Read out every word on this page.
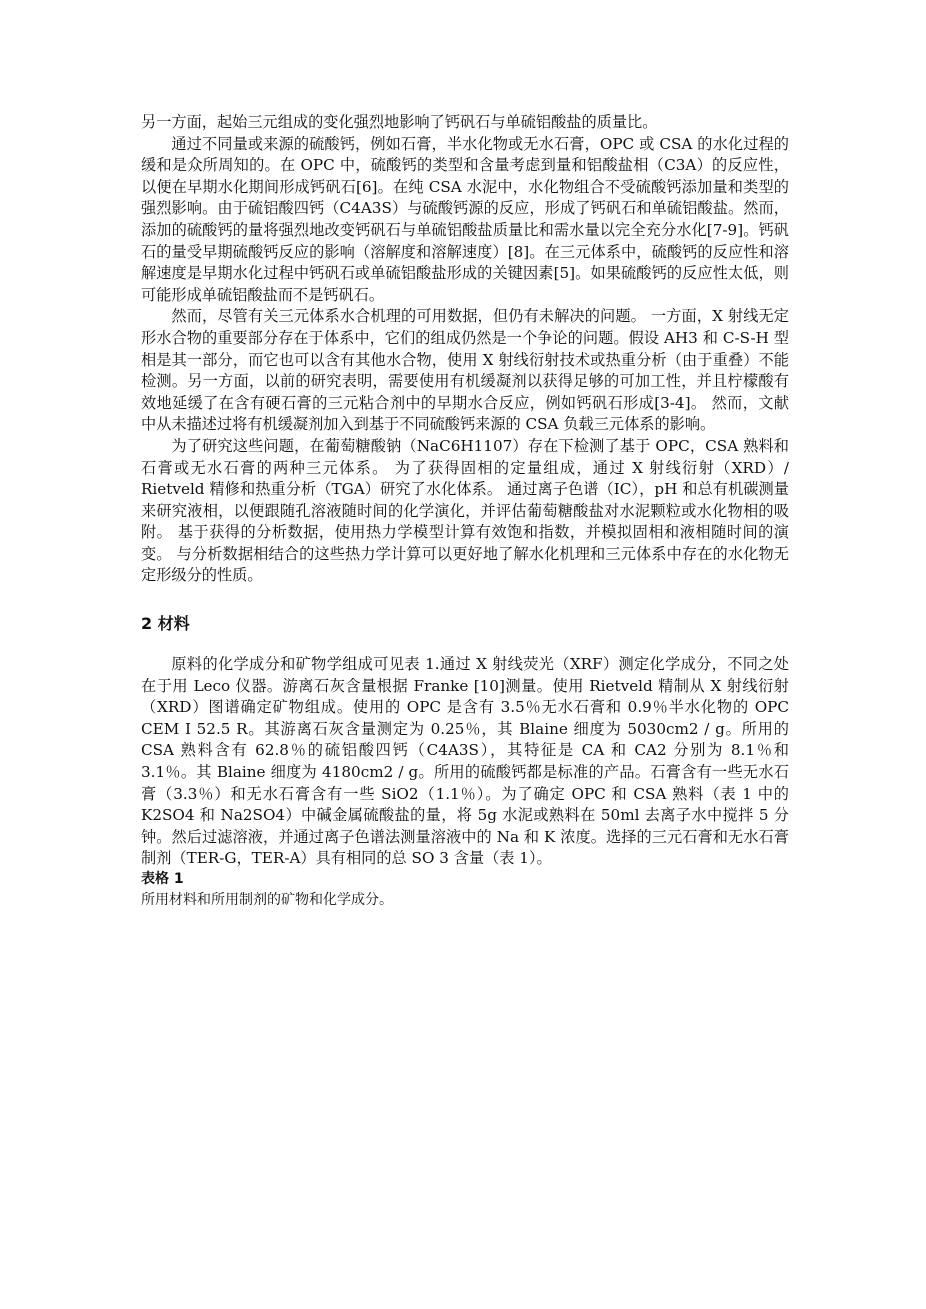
另一方面，起始三元组成的变化强烈地影响了钙矾石与单硫铝酸盐的质量比。

通过不同量或来源的硫酸钙，例如石膏，半水化物或无水石膏，OPC 或 CSA 的水化过程的缓和是众所周知的。在 OPC 中，硫酸钙的类型和含量考虑到量和铝酸盐相（C3A）的反应性，以便在早期水化期间形成钙矾石[6]。在纯 CSA 水泥中，水化物组合不受硫酸钙添加量和类型的强烈影响。由于硫铝酸四钙（C4A3S）与硫酸钙源的反应，形成了钙矾石和单硫铝酸盐。然而，添加的硫酸钙的量将强烈地改变钙矾石与单硫铝酸盐质量比和需水量以完全充分水化[7-9]。钙矾石的量受早期硫酸钙反应的影响（溶解度和溶解速度）[8]。在三元体系中，硫酸钙的反应性和溶解速度是早期水化过程中钙矾石或单硫铝酸盐形成的关键因素[5]。如果硫酸钙的反应性太低，则可能形成单硫铝酸盐而不是钙矾石。

然而，尽管有关三元体系水合机理的可用数据，但仍有未解决的问题。 一方面，X 射线无定形水合物的重要部分存在于体系中，它们的组成仍然是一个争论的问题。假设 AH3 和 C-S-H 型相是其一部分，而它也可以含有其他水合物，使用 X 射线衍射技术或热重分析（由于重叠）不能检测。另一方面，以前的研究表明，需要使用有机缓凝剂以获得足够的可加工性，并且柠檬酸有效地延缓了在含有硬石膏的三元粘合剂中的早期水合反应，例如钙矾石形成[3-4]。 然而，文献中从未描述过将有机缓凝剂加入到基于不同硫酸钙来源的 CSA 负载三元体系的影响。

为了研究这些问题，在葡萄糖酸钠（NaC6H1107）存在下检测了基于 OPC，CSA 熟料和石膏或无水石膏的两种三元体系。 为了获得固相的定量组成，通过 X 射线衍射（XRD）/ Rietveld 精修和热重分析（TGA）研究了水化体系。 通过离子色谱（IC），pH 和总有机碳测量来研究液相，以便跟随孔溶液随时间的化学演化，并评估葡萄糖酸盐对水泥颗粒或水化物相的吸附。 基于获得的分析数据，使用热力学模型计算有效饱和指数，并模拟固相和液相随时间的演变。 与分析数据相结合的这些热力学计算可以更好地了解水化机理和三元体系中存在的水化物无定形级分的性质。

2 材料

原料的化学成分和矿物学组成可见表 1.通过 X 射线荧光（XRF）测定化学成分，不同之处在于用 Leco 仪器。游离石灰含量根据 Franke [10]测量。使用 Rietveld 精制从 X 射线衍射（XRD）图谱确定矿物组成。使用的 OPC 是含有 3.5％无水石膏和 0.9％半水化物的 OPC CEM I 52.5 R。其游离石灰含量测定为 0.25％，其 Blaine 细度为 5030cm2 / g。所用的 CSA 熟料含有 62.8％的硫铝酸四钙（C4A3S），其特征是 CA 和 CA2 分别为 8.1％和 3.1％。其 Blaine 细度为 4180cm2 / g。所用的硫酸钙都是标准的产品。石膏含有一些无水石膏（3.3％）和无水石膏含有一些 SiO2（1.1％）。为了确定 OPC 和 CSA 熟料（表 1 中的 K2SO4 和 Na2SO4）中碱金属硫酸盐的量，将 5g 水泥或熟料在 50ml 去离子水中搅拌 5 分钟。然后过滤溶液，并通过离子色谱法测量溶液中的 Na 和 K 浓度。选择的三元石膏和无水石膏制剂（TER-G，TER-A）具有相同的总 SO 3 含量（表 1）。

表格 1

所用材料和所用制剂的矿物和化学成分。
